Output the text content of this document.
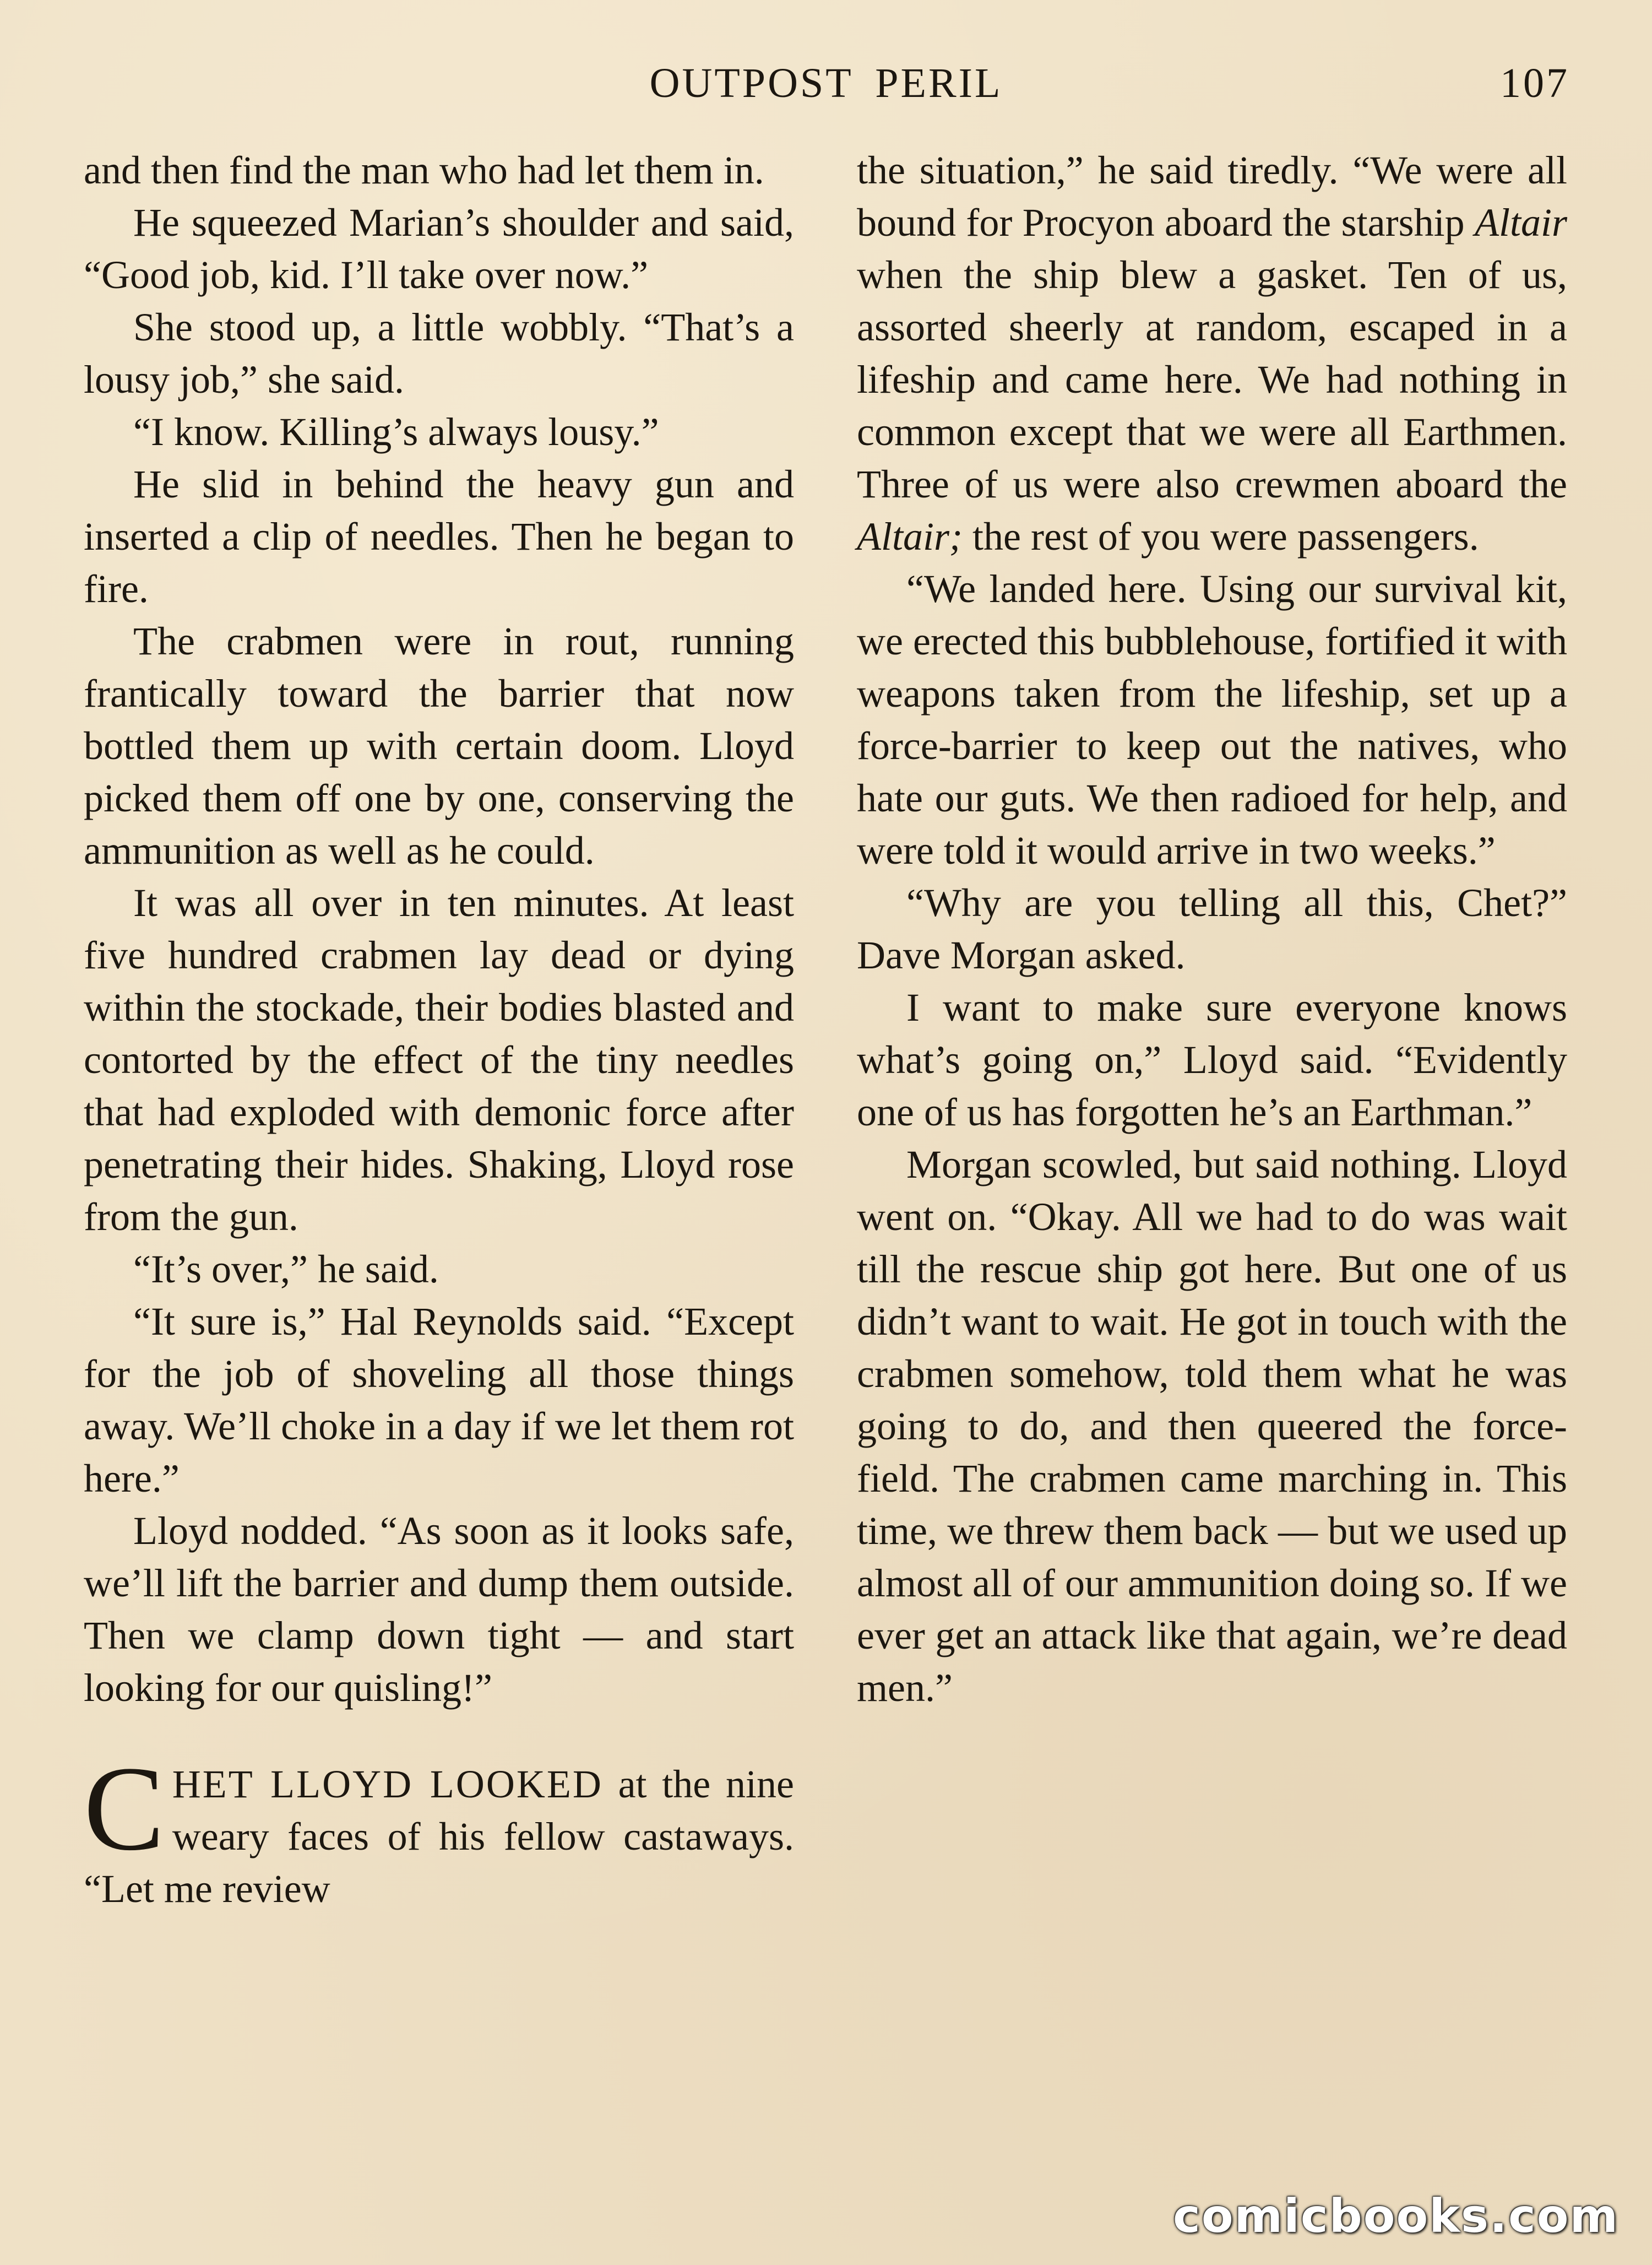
OUTPOST PERIL	107

and then find the man who had let them in.

He squeezed Marian’s shoulder and said, “Good job, kid. I’ll take over now.”

She stood up, a little wobbly. “That’s a lousy job,” she said.

“I know. Killing’s always lousy.”

He slid in behind the heavy gun and inserted a clip of needles. Then he began to fire.

The crabmen were in rout, running frantically toward the barrier that now bottled them up with certain doom. Lloyd picked them off one by one, conserving the ammunition as well as he could.

It was all over in ten minutes. At least five hundred crabmen lay dead or dying within the stockade, their bodies blasted and contorted by the effect of the tiny needles that had exploded with demonic force after penetrating their hides. Shaking, Lloyd rose from the gun.

“It’s over,” he said.

“It sure is,” Hal Reynolds said. “Except for the job of shoveling all those things away. We’ll choke in a day if we let them rot here.”

Lloyd nodded. “As soon as it looks safe, we’ll lift the barrier and dump them outside. Then we clamp down tight — and start looking for our quisling!”

CHET LLOYD LOOKED at the nine weary faces of his fellow castaways. “Let me review

the situation,” he said tiredly. “We were all bound for Procyon aboard the starship Altair when the ship blew a gasket. Ten of us, assorted sheerly at random, escaped in a lifeship and came here. We had nothing in common except that we were all Earthmen. Three of us were also crewmen aboard the Altair; the rest of you were passengers.

“We landed here. Using our survival kit, we erected this bubblehouse, fortified it with weapons taken from the lifeship, set up a force-barrier to keep out the natives, who hate our guts. We then radioed for help, and were told it would arrive in two weeks.”

“Why are you telling all this, Chet?” Dave Morgan asked.

I want to make sure everyone knows what’s going on,” Lloyd said. “Evidently one of us has forgotten he’s an Earthman.”

Morgan scowled, but said nothing. Lloyd went on. “Okay. All we had to do was wait till the rescue ship got here. But one of us didn’t want to wait. He got in touch with the crabmen somehow, told them what he was going to do, and then queered the force-field. The crabmen came marching in. This time, we threw them back — but we used up almost all of our ammunition doing so. If we ever get an attack like that again, we’re dead men.”

comicbooks.com
